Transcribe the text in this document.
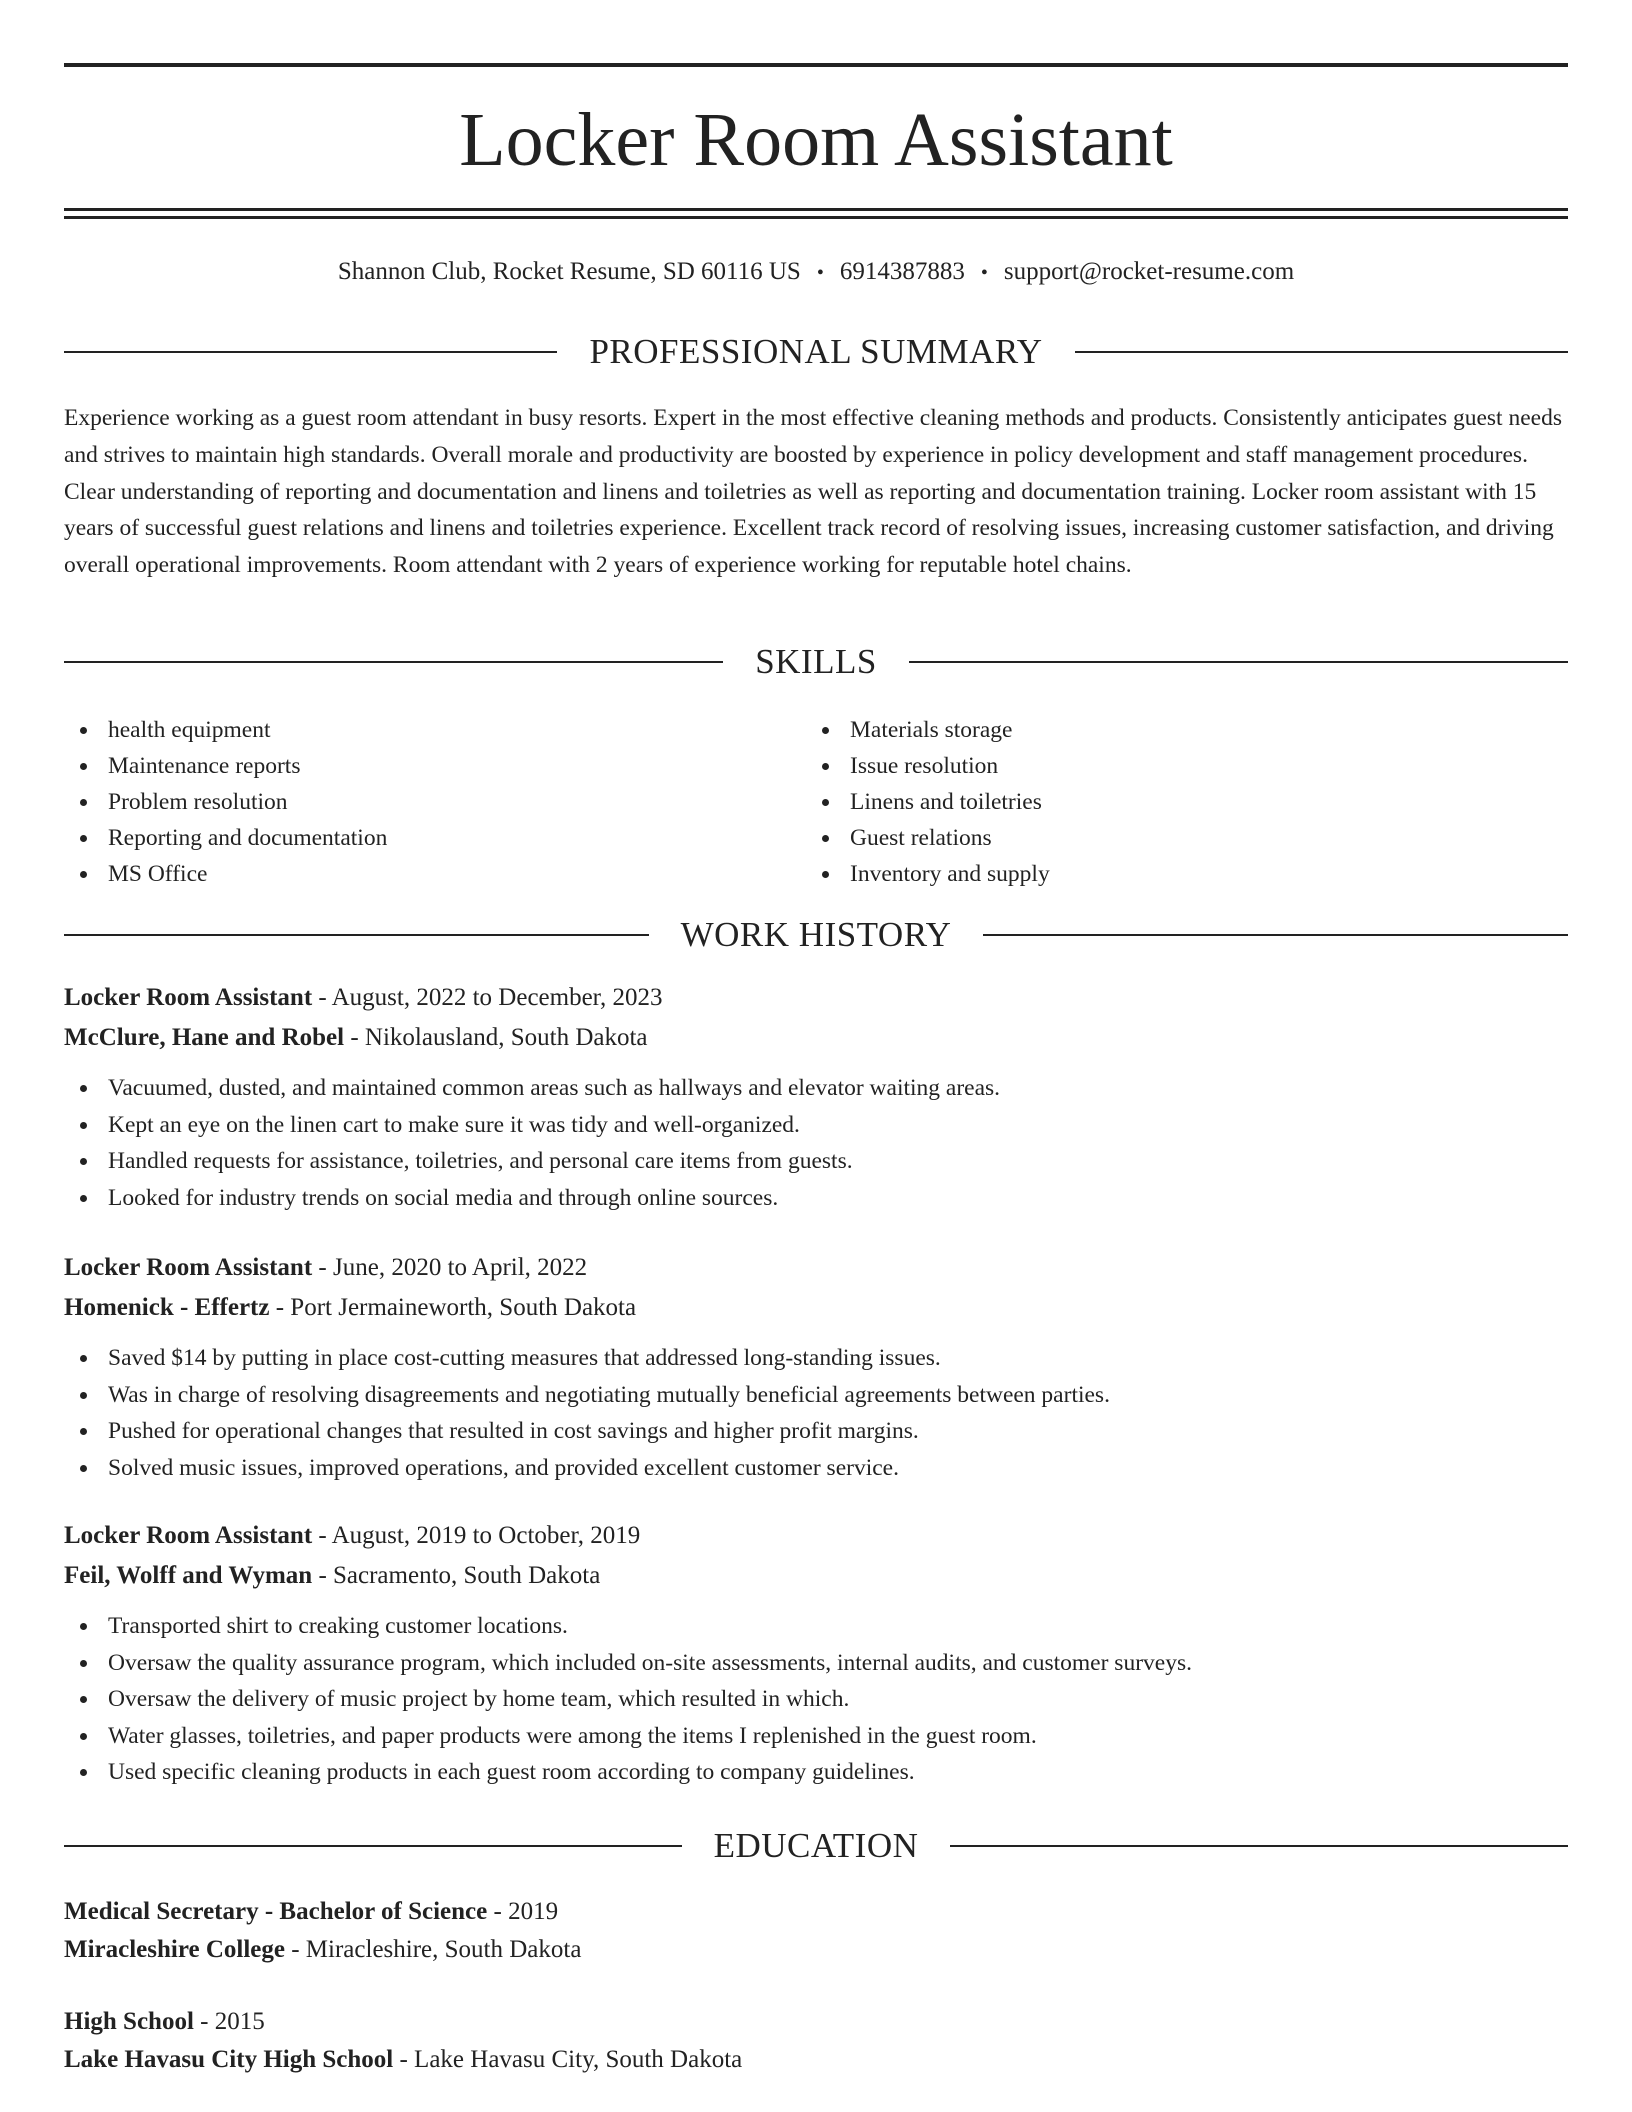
Locker Room Assistant
Shannon Club, Rocket Resume, SD 60116 US • 6914387883 • support@rocket-resume.com
PROFESSIONAL SUMMARY

Experience working as a guest room attendant in busy resorts. Expert in the most effective cleaning methods and products. Consistently anticipates guest needs and strives to maintain high standards. Overall morale and productivity are boosted by experience in policy development and staff management procedures. Clear understanding of reporting and documentation and linens and toiletries as well as reporting and documentation training. Locker room assistant with 15 years of successful guest relations and linens and toiletries experience. Excellent track record of resolving issues, increasing customer satisfaction, and driving overall operational improvements. Room attendant with 2 years of experience working for reputable hotel chains.

SKILLS
health equipment
Maintenance reports
Problem resolution
Reporting and documentation
MS Office
Materials storage
Issue resolution
Linens and toiletries
Guest relations
Inventory and supply
WORK HISTORY
Locker Room Assistant - August, 2022 to December, 2023
McClure, Hane and Robel - Nikolausland, South Dakota
Vacuumed, dusted, and maintained common areas such as hallways and elevator waiting areas.
Kept an eye on the linen cart to make sure it was tidy and well-organized.
Handled requests for assistance, toiletries, and personal care items from guests.
Looked for industry trends on social media and through online sources.
Locker Room Assistant - June, 2020 to April, 2022
Homenick - Effertz - Port Jermaineworth, South Dakota
Saved $14 by putting in place cost-cutting measures that addressed long-standing issues.
Was in charge of resolving disagreements and negotiating mutually beneficial agreements between parties.
Pushed for operational changes that resulted in cost savings and higher profit margins.
Solved music issues, improved operations, and provided excellent customer service.
Locker Room Assistant - August, 2019 to October, 2019
Feil, Wolff and Wyman - Sacramento, South Dakota
Transported shirt to creaking customer locations.
Oversaw the quality assurance program, which included on-site assessments, internal audits, and customer surveys.
Oversaw the delivery of music project by home team, which resulted in which.
Water glasses, toiletries, and paper products were among the items I replenished in the guest room.
Used specific cleaning products in each guest room according to company guidelines.
EDUCATION
Medical Secretary - Bachelor of Science - 2019
Miracleshire College - Miracleshire, South Dakota
High School - 2015
Lake Havasu City High School - Lake Havasu City, South Dakota
